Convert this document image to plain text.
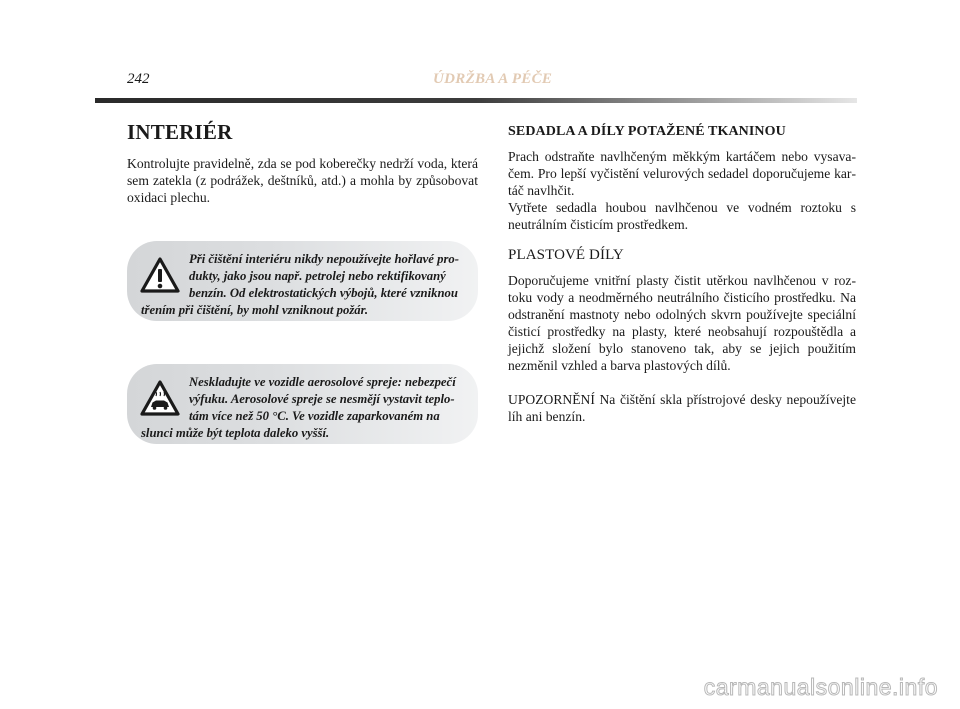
242	ÚDRŽBA A PÉČE
INTERIÉR

Kontrolujte pravidelně, zda se pod koberečky nedrží voda, která sem zatekla (z podrážek, deštníků, atd.) a mohla by způsobovat oxidaci plechu.

Při čištění interiéru nikdy nepoužívejte hořlavé produkty, jako jsou např. petrolej nebo rektifikovaný benzín. Od elektrostatických výbojů, které vzniknou třením při čištění, by mohl vzniknout požár.

Neskladujte ve vozidle aerosolové spreje: nebezpečí výfuku. Aerosolové spreje se nesmějí vystavit teplotám více než 50 °C. Ve vozidle zaparkovaném na slunci může být teplota daleko vyšší.

SEDADLA A DÍLY POTAŽENÉ TKANINOU

Prach odstraňte navlhčeným měkkým kartáčem nebo vysavačem. Pro lepší vyčistění velurových sedadel doporučujeme kartáč navlhčit.

Vytřete sedadla houbou navlhčenou ve vodném roztoku s neutrálním čisticím prostředkem.

PLASTOVÉ DÍLY

Doporučujeme vnitřní plasty čistit utěrkou navlhčenou v roztoku vody a neodměrného neutrálního čisticího prostředku. Na odstranění mastnoty nebo odolných skvrn používejte speciální čisticí prostředky na plasty, které neobsahují rozpouštědla a jejichž složení bylo stanoveno tak, aby se jejich použitím nezměnil vzhled a barva plastových dílů.

UPOZORNĚNÍ Na čištění skla přístrojové desky nepoužívejte líh ani benzín.

carmanualsonline.info
